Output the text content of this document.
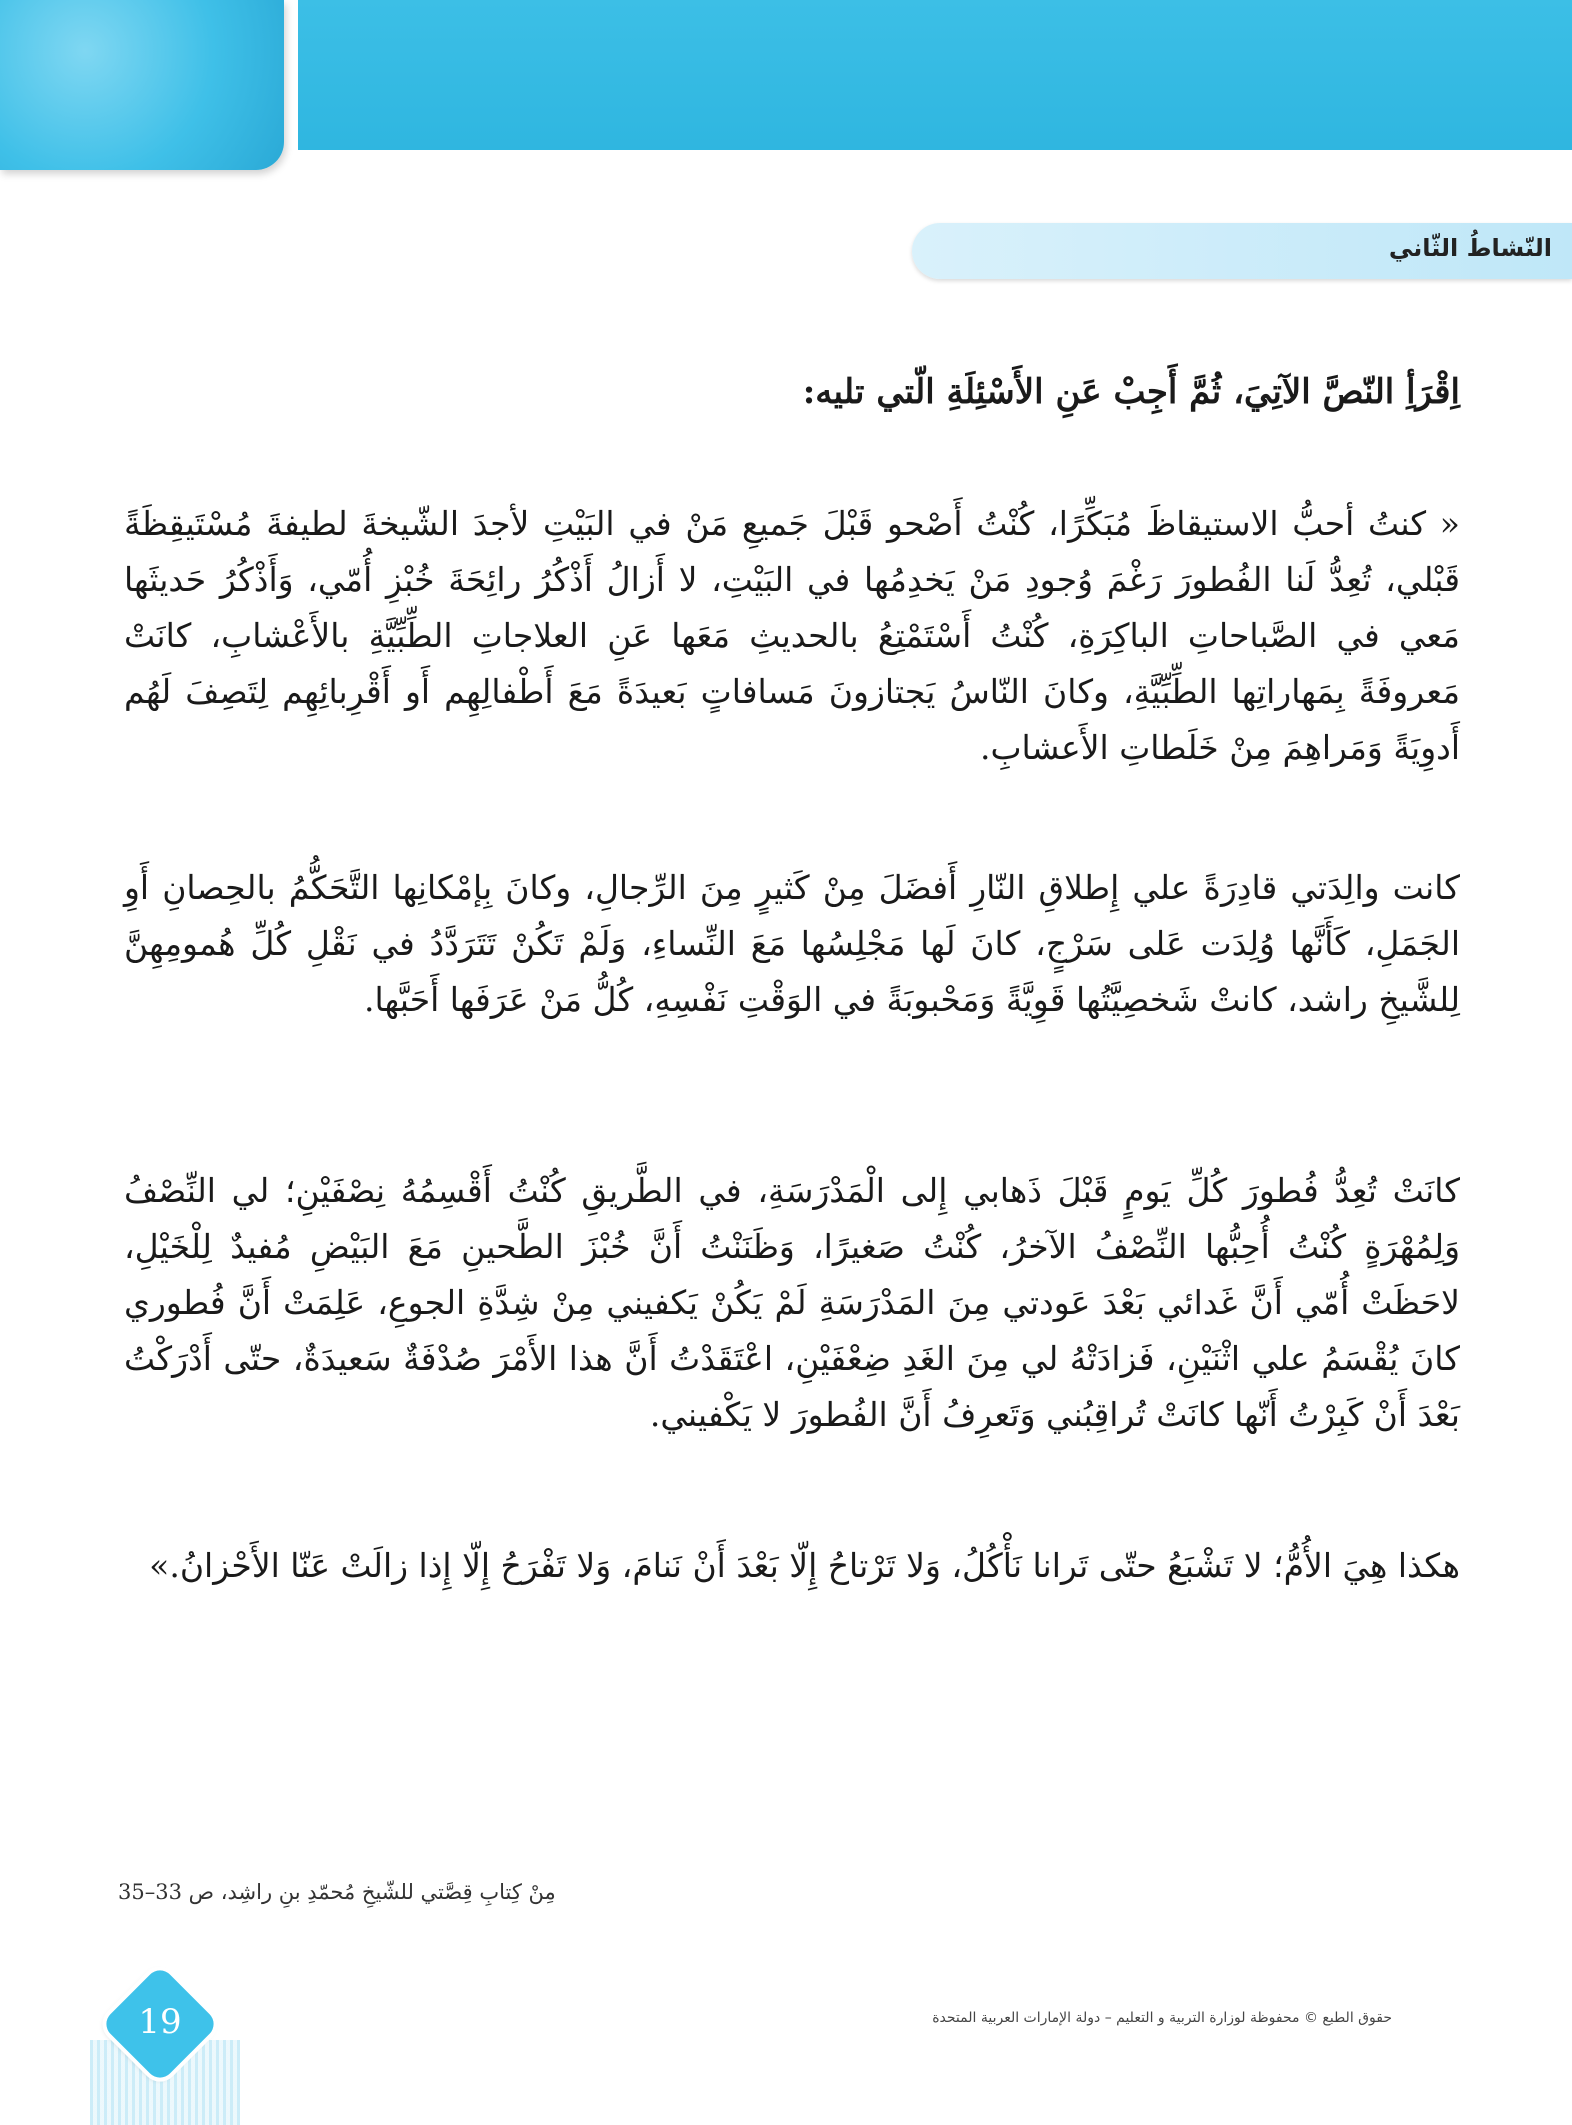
النّشاطُ الثّاني
اِقْرَأِ النّصَّ الآتِيَ، ثُمَّ أَجِبْ عَنِ الأَسْئِلَةِ الّتي تليه:
« كنتُ أحبُّ الاستيقاظَ مُبَكِّرًا، كُنْتُ أَصْحو قَبْلَ جَميعِ مَنْ في البَيْتِ لأجدَ الشّيخةَ لطيفةَ مُسْتَيقِظَةً قَبْلي، تُعِدُّ لَنا الفُطورَ رَغْمَ وُجودِ مَنْ يَخدِمُها في البَيْتِ، لا أَزالُ أَذْكُرُ رائِحَةَ خُبْزِ أُمّي، وَأَذْكُرُ حَديثَها مَعي في الصَّباحاتِ الباكِرَةِ، كُنْتُ أَسْتَمْتِعُ بالحديثِ مَعَها عَنِ العلاجاتِ الطِّبِّيَّةِ بالأَعْشابِ، كانَتْ مَعروفَةً بِمَهاراتِها الطِّبِّيَّةِ، وكانَ النّاسُ يَجتازونَ مَسافاتٍ بَعيدَةً مَعَ أَطْفالِهِم أَو أَقْرِبائِهِم لِتَصِفَ لَهُم أَدوِيَةً وَمَراهِمَ مِنْ خَلَطاتِ الأَعشابِ.
كانت والِدَتي قادِرَةً علي إِطلاقِ النّارِ أَفضَلَ مِنْ كَثيرٍ مِنَ الرِّجالِ، وكانَ بِإمْكانِها التَّحَكُّمُ بالحِصانِ أَوِ الجَمَلِ، كَأَنَّها وُلِدَت عَلى سَرْجٍ، كانَ لَها مَجْلِسُها مَعَ النِّساءِ، وَلَمْ تَكُنْ تَتَرَدَّدُ في نَقْلِ كُلِّ هُمومِهِنَّ لِلشَّيخِ راشد، كانتْ شَخصِيَّتُها قَوِيَّةً وَمَحْبوبَةً في الوَقْتِ نَفْسِهِ، كُلُّ مَنْ عَرَفَها أَحَبَّها.
كانَتْ تُعِدُّ فُطورَ كُلِّ يَومٍ قَبْلَ ذَهابي إِلى الْمَدْرَسَةِ، في الطَّريقِ كُنْتُ أَقْسِمُهُ نِصْفَيْنِ؛ لي النِّصْفُ وَلِمُهْرَةٍ كُنْتُ أُحِبُّها النِّصْفُ الآخرُ، كُنْتُ صَغيرًا، وَظَنَنْتُ أَنَّ خُبْزَ الطَّحينِ مَعَ البَيْضِ مُفيدٌ لِلْخَيْلِ، لاحَظَتْ أُمّي أَنَّ غَدائي بَعْدَ عَودتي مِنَ المَدْرَسَةِ لَمْ يَكُنْ يَكفيني مِنْ شِدَّةِ الجوعِ، عَلِمَتْ أَنَّ فُطوري كانَ يُقْسَمُ علي اثْنَيْنِ، فَزادَتْهُ لي مِنَ الغَدِ ضِعْفَيْنِ، اعْتَقَدْتُ أَنَّ هذا الأَمْرَ صُدْفَةٌ سَعيدَةٌ، حتّى أَدْرَكْتُ بَعْدَ أَنْ كَبِرْتُ أَنّها كانَتْ تُراقِبُني وَتَعرِفُ أَنَّ الفُطورَ لا يَكْفيني.
هكذا هِيَ الأُمُّ؛ لا تَشْبَعُ حتّى تَرانا نَأْكُلُ، وَلا تَرْتاحُ إِلّا بَعْدَ أَنْ نَنامَ، وَلا تَفْرَحُ إِلّا إِذا زالَتْ عَنّا الأَحْزانُ.»
مِنْ كِتابِ قِصَّتي للشّيخِ مُحمّدِ بنِ راشِد، ص 33–35
19	حقوق الطبع © محفوظة لوزارة التربية و التعليم – دولة الإمارات العربية المتحدة
